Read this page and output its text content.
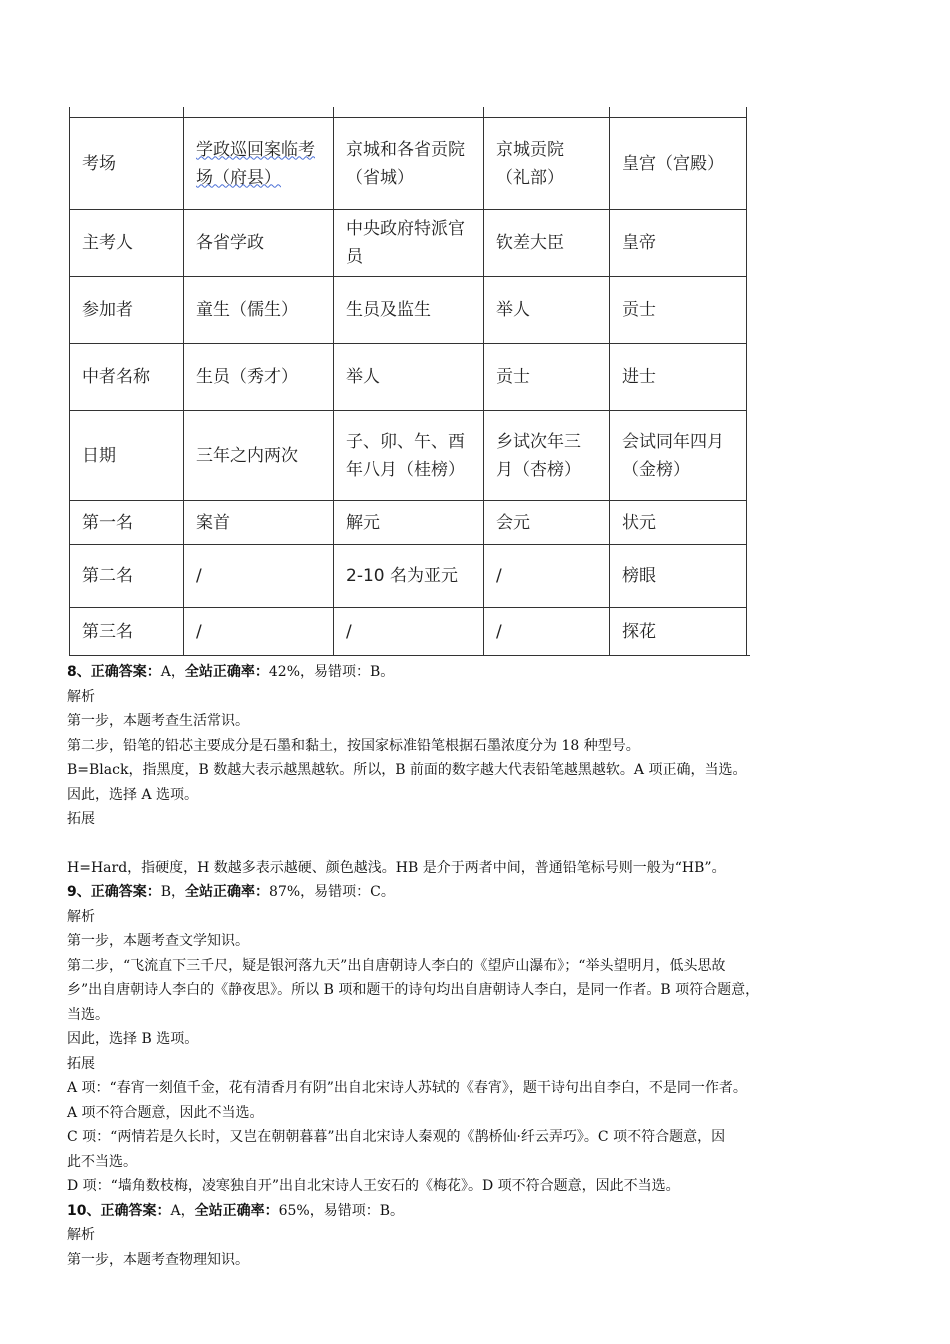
考场	学政巡回案临考场（府县）	京城和各省贡院（省城）	京城贡院（礼部）	皇宫（宫殿）
主考人	各省学政	中央政府特派官员	钦差大臣	皇帝
参加者	童生（儒生）	生员及监生	举人	贡士
中者名称	生员（秀才）	举人	贡士	进士
日期	三年之内两次	子、卯、午、酉年八月（桂榜）	乡试次年三月（杏榜）	会试同年四月（金榜）
第一名	案首	解元	会元	状元
第二名	/	2-10 名为亚元	/	榜眼
第三名	/	/	/	探花

8、正确答案：A，全站正确率：42%，易错项：B。

解析

第一步，本题考查生活常识。

第二步，铅笔的铅芯主要成分是石墨和黏土，按国家标准铅笔根据石墨浓度分为 18 种型号。

B=Black，指黑度，B 数越大表示越黑越软。所以，B 前面的数字越大代表铅笔越黑越软。A 项正确，当选。

因此，选择 A 选项。

拓展

H=Hard，指硬度，H 数越多表示越硬、颜色越浅。HB 是介于两者中间，普通铅笔标号则一般为“HB”。

9、正确答案：B，全站正确率：87%，易错项：C。

解析

第一步，本题考查文学知识。

第二步，“飞流直下三千尺，疑是银河落九天”出自唐朝诗人李白的《望庐山瀑布》；“举头望明月，低头思故

乡”出自唐朝诗人李白的《静夜思》。所以 B 项和题干的诗句均出自唐朝诗人李白，是同一作者。B 项符合题意，

当选。

因此，选择 B 选项。

拓展

A 项：“春宵一刻值千金，花有清香月有阴”出自北宋诗人苏轼的《春宵》，题干诗句出自李白，不是同一作者。

A 项不符合题意，因此不当选。

C 项：“两情若是久长时，又岂在朝朝暮暮”出自北宋诗人秦观的《鹊桥仙·纤云弄巧》。C 项不符合题意，因

此不当选。

D 项：“墙角数枝梅，凌寒独自开”出自北宋诗人王安石的《梅花》。D 项不符合题意，因此不当选。

10、正确答案：A，全站正确率：65%，易错项：B。

解析

第一步，本题考查物理知识。
